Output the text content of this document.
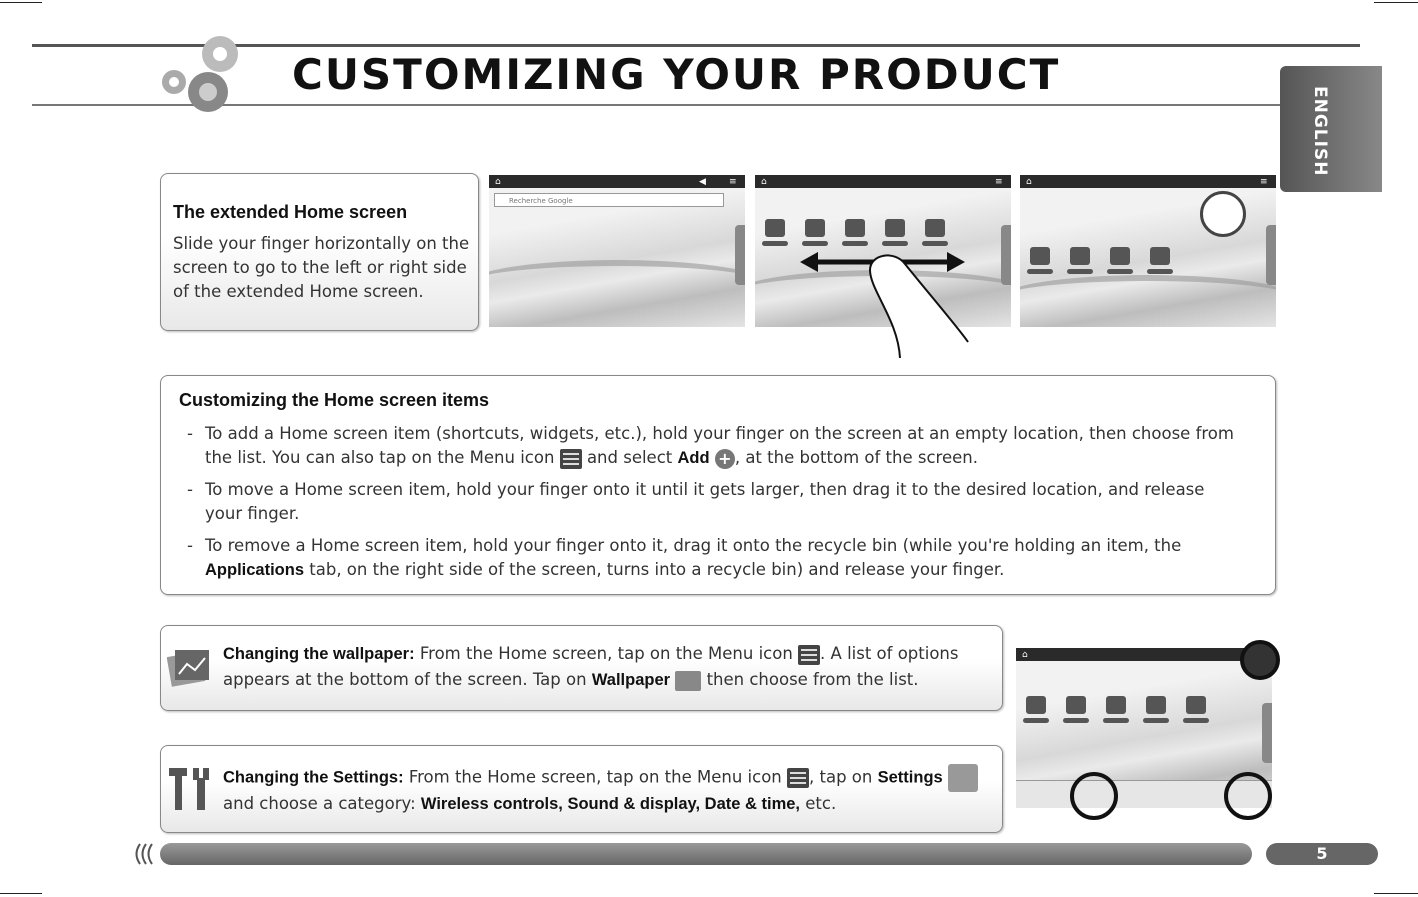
CUSTOMIZING YOUR PRODUCT
ENGLISH
The extended Home screen
Slide your finger horizontally on the screen to go to the left or right side of the extended Home screen.
⌂	◀	≡
Recherche Google
⌂	≡	⌂	≡
Customizing the Home screen items
- To add a Home screen item (shortcuts, widgets, etc.), hold your finger on the screen at an empty location, then choose from
the list. You can also tap on the Menu icon and select Add + , at the bottom of the screen.
- To move a Home screen item, hold your finger onto it until it gets larger, then drag it to the desired location, and release
your finger.
- To remove a Home screen item, hold your finger onto it, drag it onto the recycle bin (while you're holding an item, the
Applications tab, on the right side of the screen, turns into a recycle bin) and release your finger.
Changing the wallpaper: From the Home screen, tap on the Menu icon . A list of options
appears at the bottom of the screen. Tap on Wallpaper then choose from the list.
Changing the Settings: From the Home screen, tap on the Menu icon , tap on Settings
and choose a category: Wireless controls, Sound & display, Date & time, etc.
⌂
5
